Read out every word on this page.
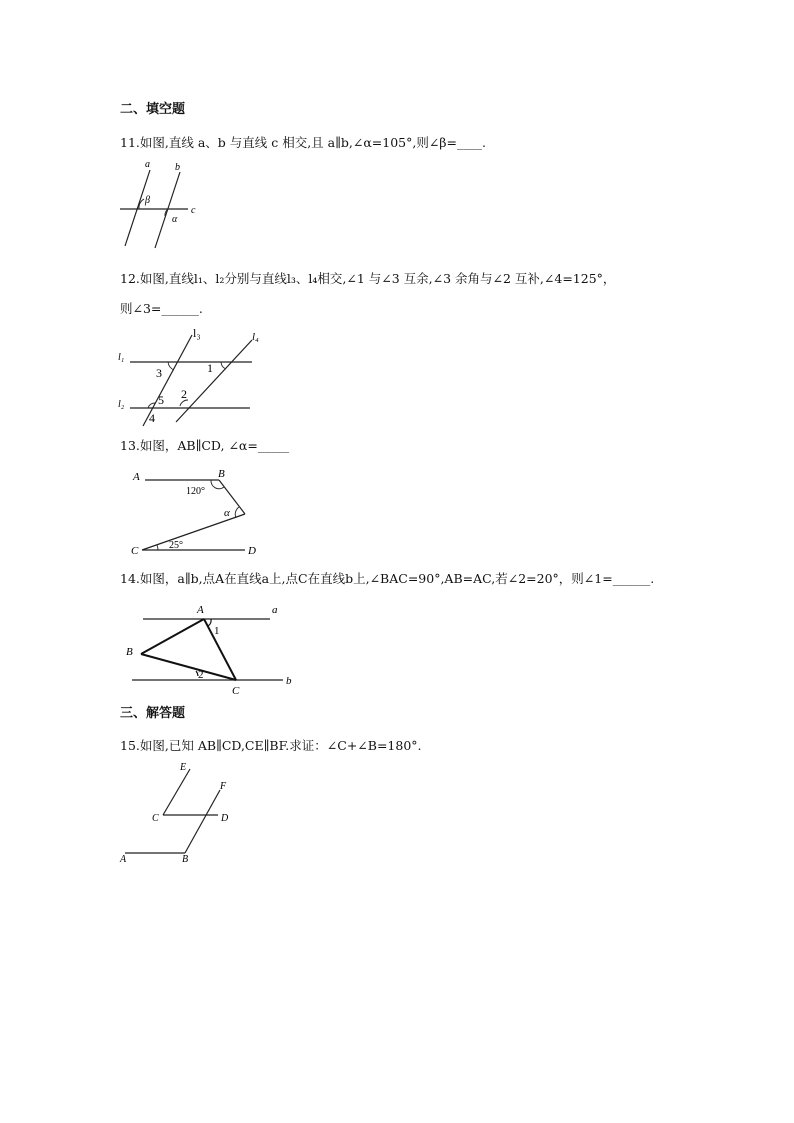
二、填空题
11.如图,直线 a、b 与直线 c 相交,且 a∥b,∠α=105°,则∠β=____.
a	b
c
β
α
12.如图,直线l₁、l₂分别与直线l₃、l₄相交,∠1 与∠3 互余,∠3 余角与∠2 互补,∠4=125°，
则∠3=______.
l₃	l₄
l₁
l₂
3	1
2
5
4
13.如图，AB∥CD, ∠α=_____
A	B
120°
α
25°
C	D
14.如图，a∥b,点A在直线a上,点C在直线b上,∠BAC=90°,AB=AC,若∠2=20°，则∠1=______.
A	a
1
B
2
C
b
三、解答题
15.如图,已知 AB∥CD,CE∥BF.求证：∠C+∠B=180°.
E
F
C	D
A	B
